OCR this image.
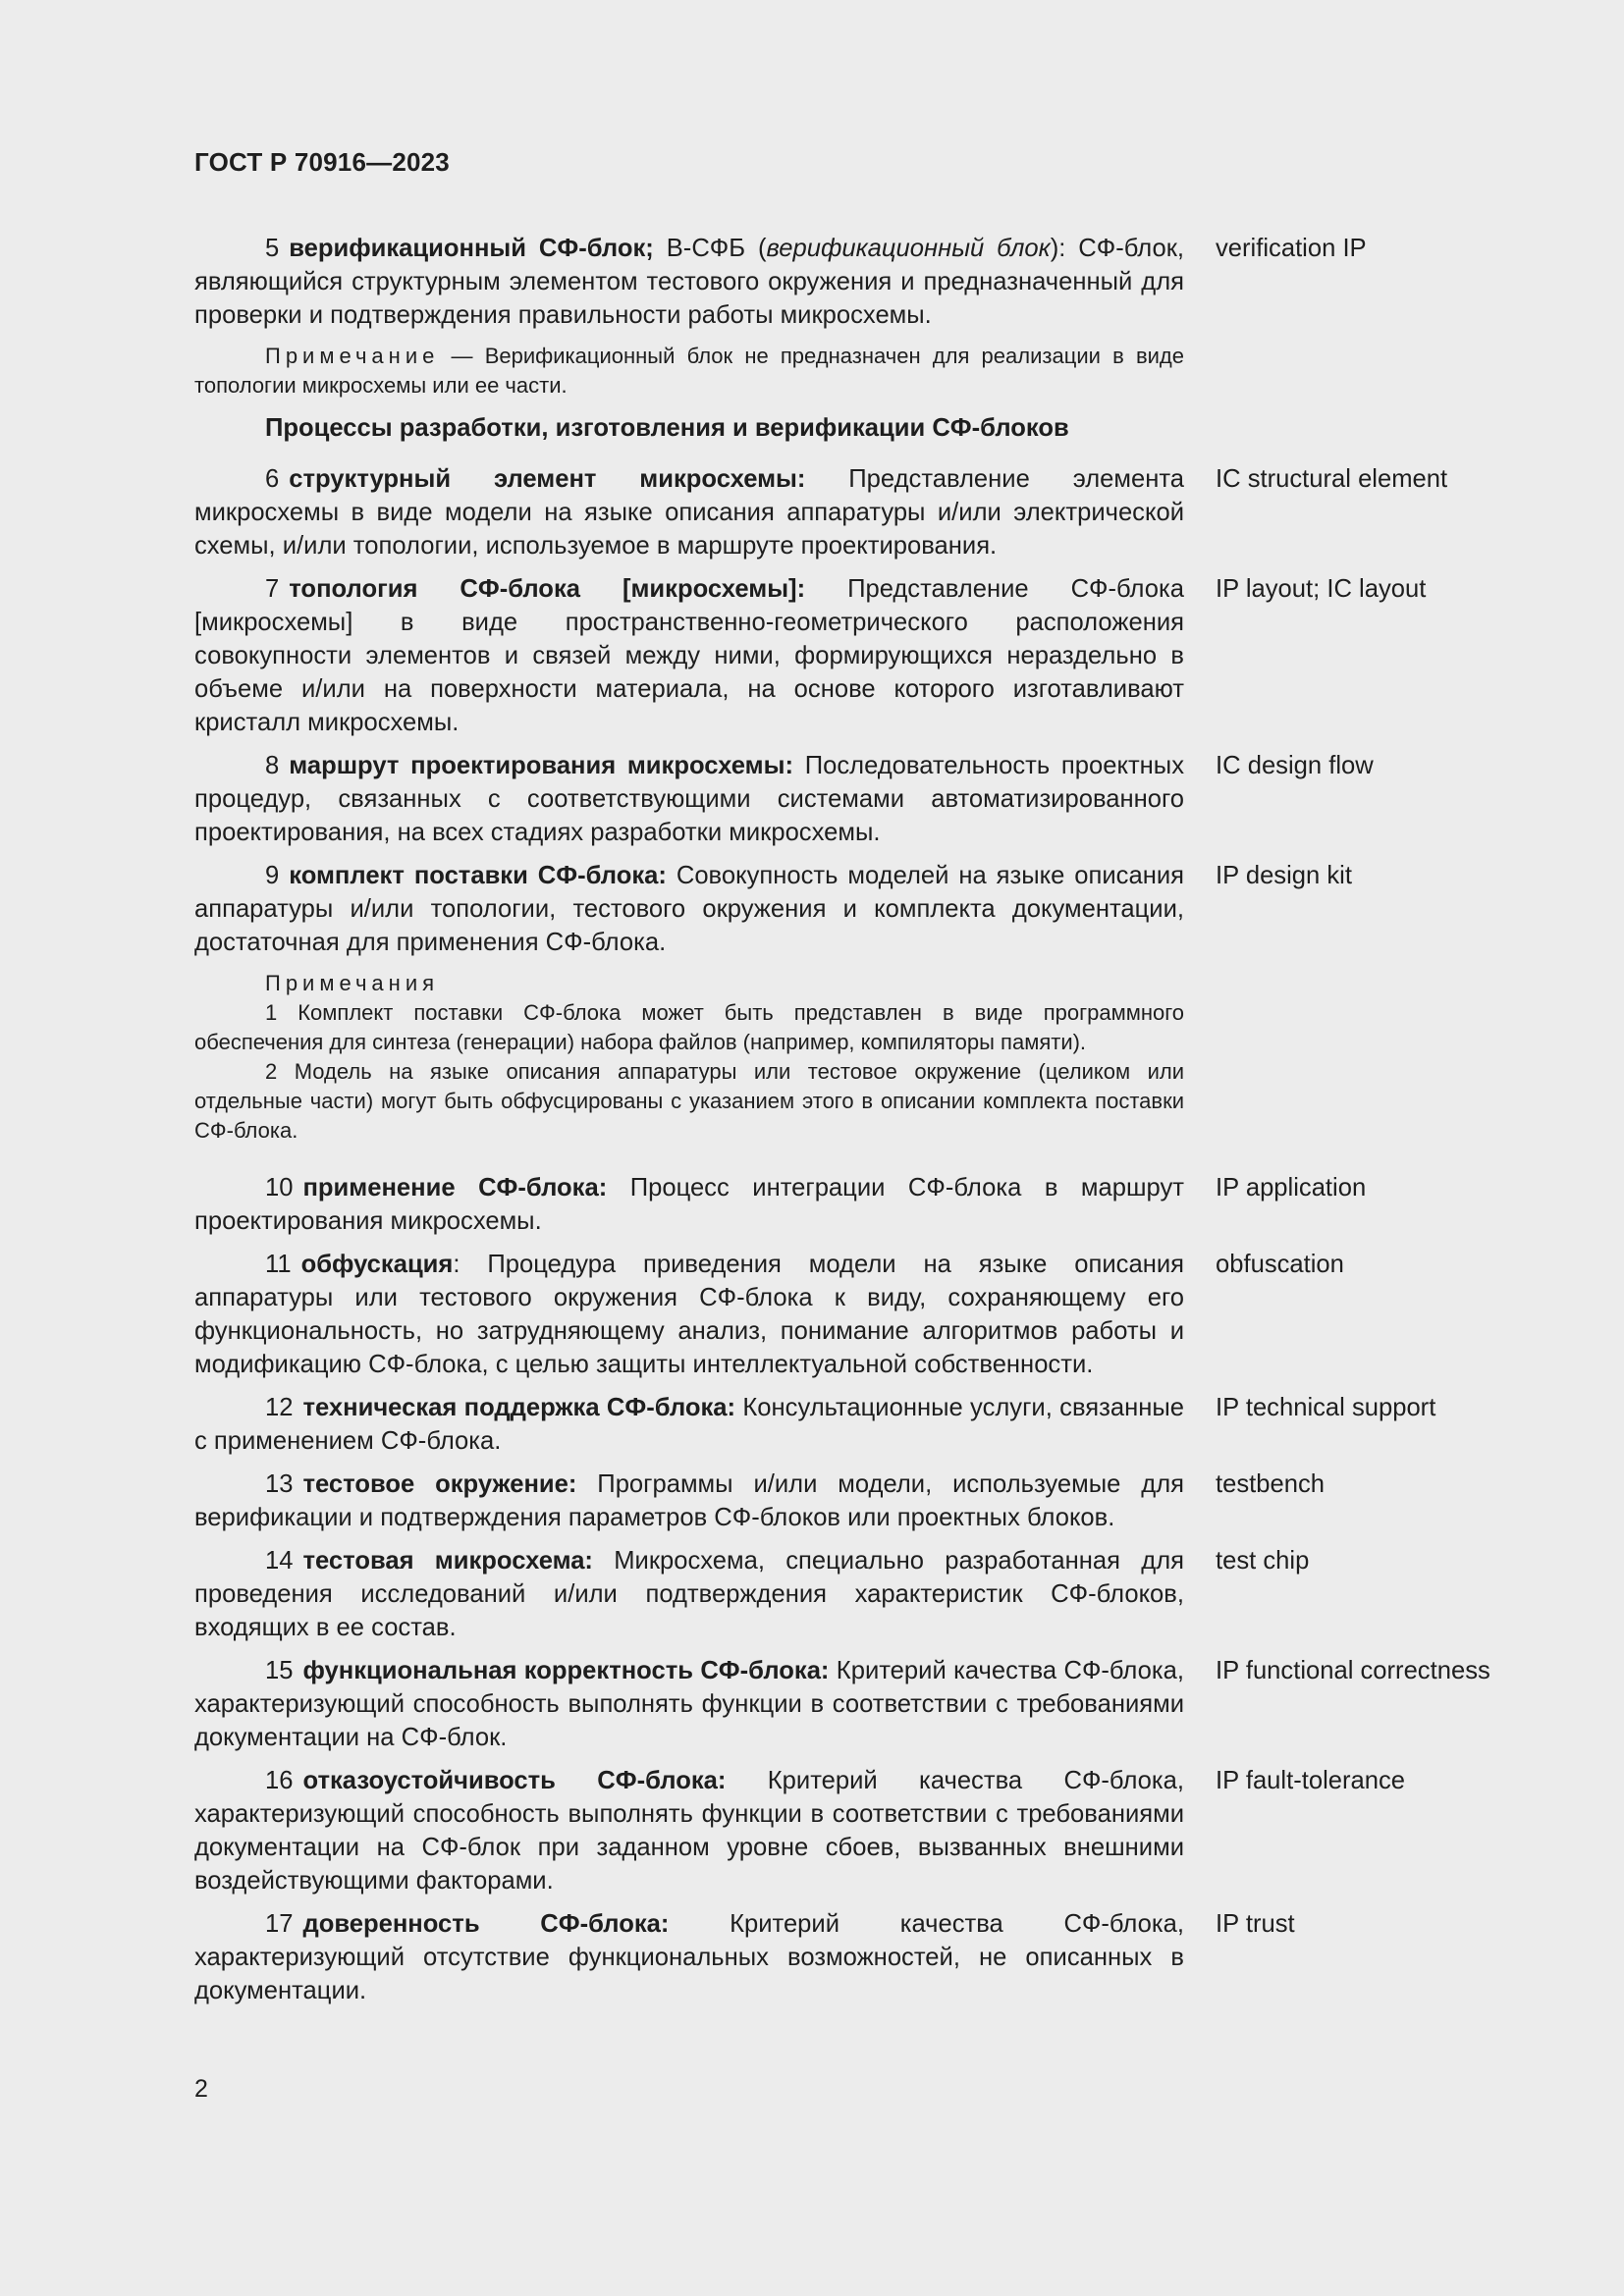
ГОСТ Р 70916—2023
5 верификационный СФ-блок; В-СФБ (верификационный блок): СФ-блок, являющийся структурным элементом тестового окружения и предназначенный для проверки и подтверждения правильности работы микросхемы.
verification IP
Примечание — Верификационный блок не предназначен для реализации в виде топологии микросхемы или ее части.
Процессы разработки, изготовления и верификации СФ-блоков
6 структурный элемент микросхемы: Представление элемента микросхемы в виде модели на языке описания аппаратуры и/или электрической схемы, и/или топологии, используемое в маршруте проектирования.
IC structural element
7 топология СФ-блока [микросхемы]: Представление СФ-блока [микросхемы] в виде пространственно-геометрического расположения совокупности элементов и связей между ними, формирующихся нераздельно в объеме и/или на поверхности материала, на основе которого изготавливают кристалл микросхемы.
IP layout; IC layout
8 маршрут проектирования микросхемы: Последовательность проектных процедур, связанных с соответствующими системами автоматизированного проектирования, на всех стадиях разработки микросхемы.
IC design flow
9 комплект поставки СФ-блока: Совокупность моделей на языке описания аппаратуры и/или топологии, тестового окружения и комплекта документации, достаточная для применения СФ-блока.
IP design kit
Примечания
1 Комплект поставки СФ-блока может быть представлен в виде программного обеспечения для синтеза (генерации) набора файлов (например, компиляторы памяти).
2 Модель на языке описания аппаратуры или тестовое окружение (целиком или отдельные части) могут быть обфусцированы с указанием этого в описании комплекта поставки СФ-блока.
10 применение СФ-блока: Процесс интеграции СФ-блока в маршрут проектирования микросхемы.
IP application
11 обфускация: Процедура приведения модели на языке описания аппаратуры или тестового окружения СФ-блока к виду, сохраняющему его функциональность, но затрудняющему анализ, понимание алгоритмов работы и модификацию СФ-блока, с целью защиты интеллектуальной собственности.
obfuscation
12 техническая поддержка СФ-блока: Консультационные услуги, связанные с применением СФ-блока.
IP technical support
13 тестовое окружение: Программы и/или модели, используемые для верификации и подтверждения параметров СФ-блоков или проектных блоков.
testbench
14 тестовая микросхема: Микросхема, специально разработанная для проведения исследований и/или подтверждения характеристик СФ-блоков, входящих в ее состав.
test chip
15 функциональная корректность СФ-блока: Критерий качества СФ-блока, характеризующий способность выполнять функции в соответствии с требованиями документации на СФ-блок.
IP functional correctness
16 отказоустойчивость СФ-блока: Критерий качества СФ-блока, характеризующий способность выполнять функции в соответствии с требованиями документации на СФ-блок при заданном уровне сбоев, вызванных внешними воздействующими факторами.
IP fault-tolerance
17 доверенность СФ-блока: Критерий качества СФ-блока, характеризующий отсутствие функциональных возможностей, не описанных в документации.
IP trust
2
